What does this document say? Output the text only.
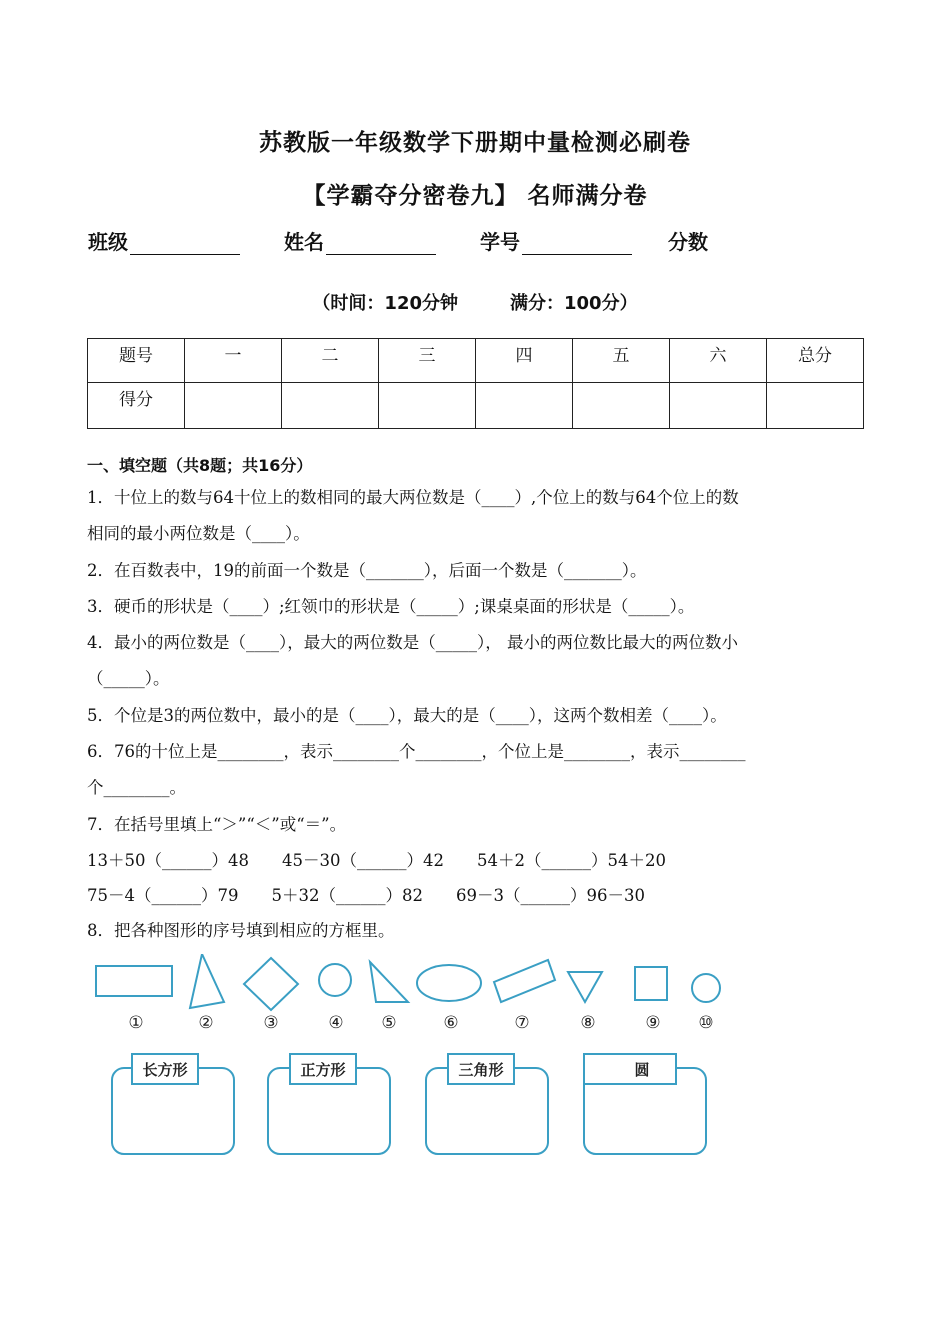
苏教版一年级数学下册期中量检测必刷卷
【学霸夺分密卷九】 名师满分卷
班级	姓名	学号	分数
（时间：120分钟	满分：100分）
题号	一	二	三	四	五	六	总分
得分							
一、填空题（共8题；共16分）
1．十位上的数与64十位上的数相同的最大两位数是（____）,个位上的数与64个位上的数
相同的最小两位数是（____）。
2．在百数表中，19的前面一个数是（_______），后面一个数是（_______）。
3．硬币的形状是（____）;红领巾的形状是（_____）;课桌桌面的形状是（_____）。
4．最小的两位数是（____），最大的两位数是（_____）， 最小的两位数比最大的两位数小
（_____）。
5．个位是3的两位数中，最小的是（____），最大的是（____），这两个数相差（____）。
6．76的十位上是________，表示________个________，个位上是________，表示________
个________。
7．在括号里填上“＞”“＜”或“＝”。
13＋50（______）48　　45－30（______）42　　54＋2（______）54＋20
75－4（______）79　　5＋32（______）82　　69－3（______）96－30
8．把各种图形的序号填到相应的方框里。
①	②	③	④ ⑤	⑥	⑦	⑧	⑨ ⑩
长方形	正方形	三角形	圆
